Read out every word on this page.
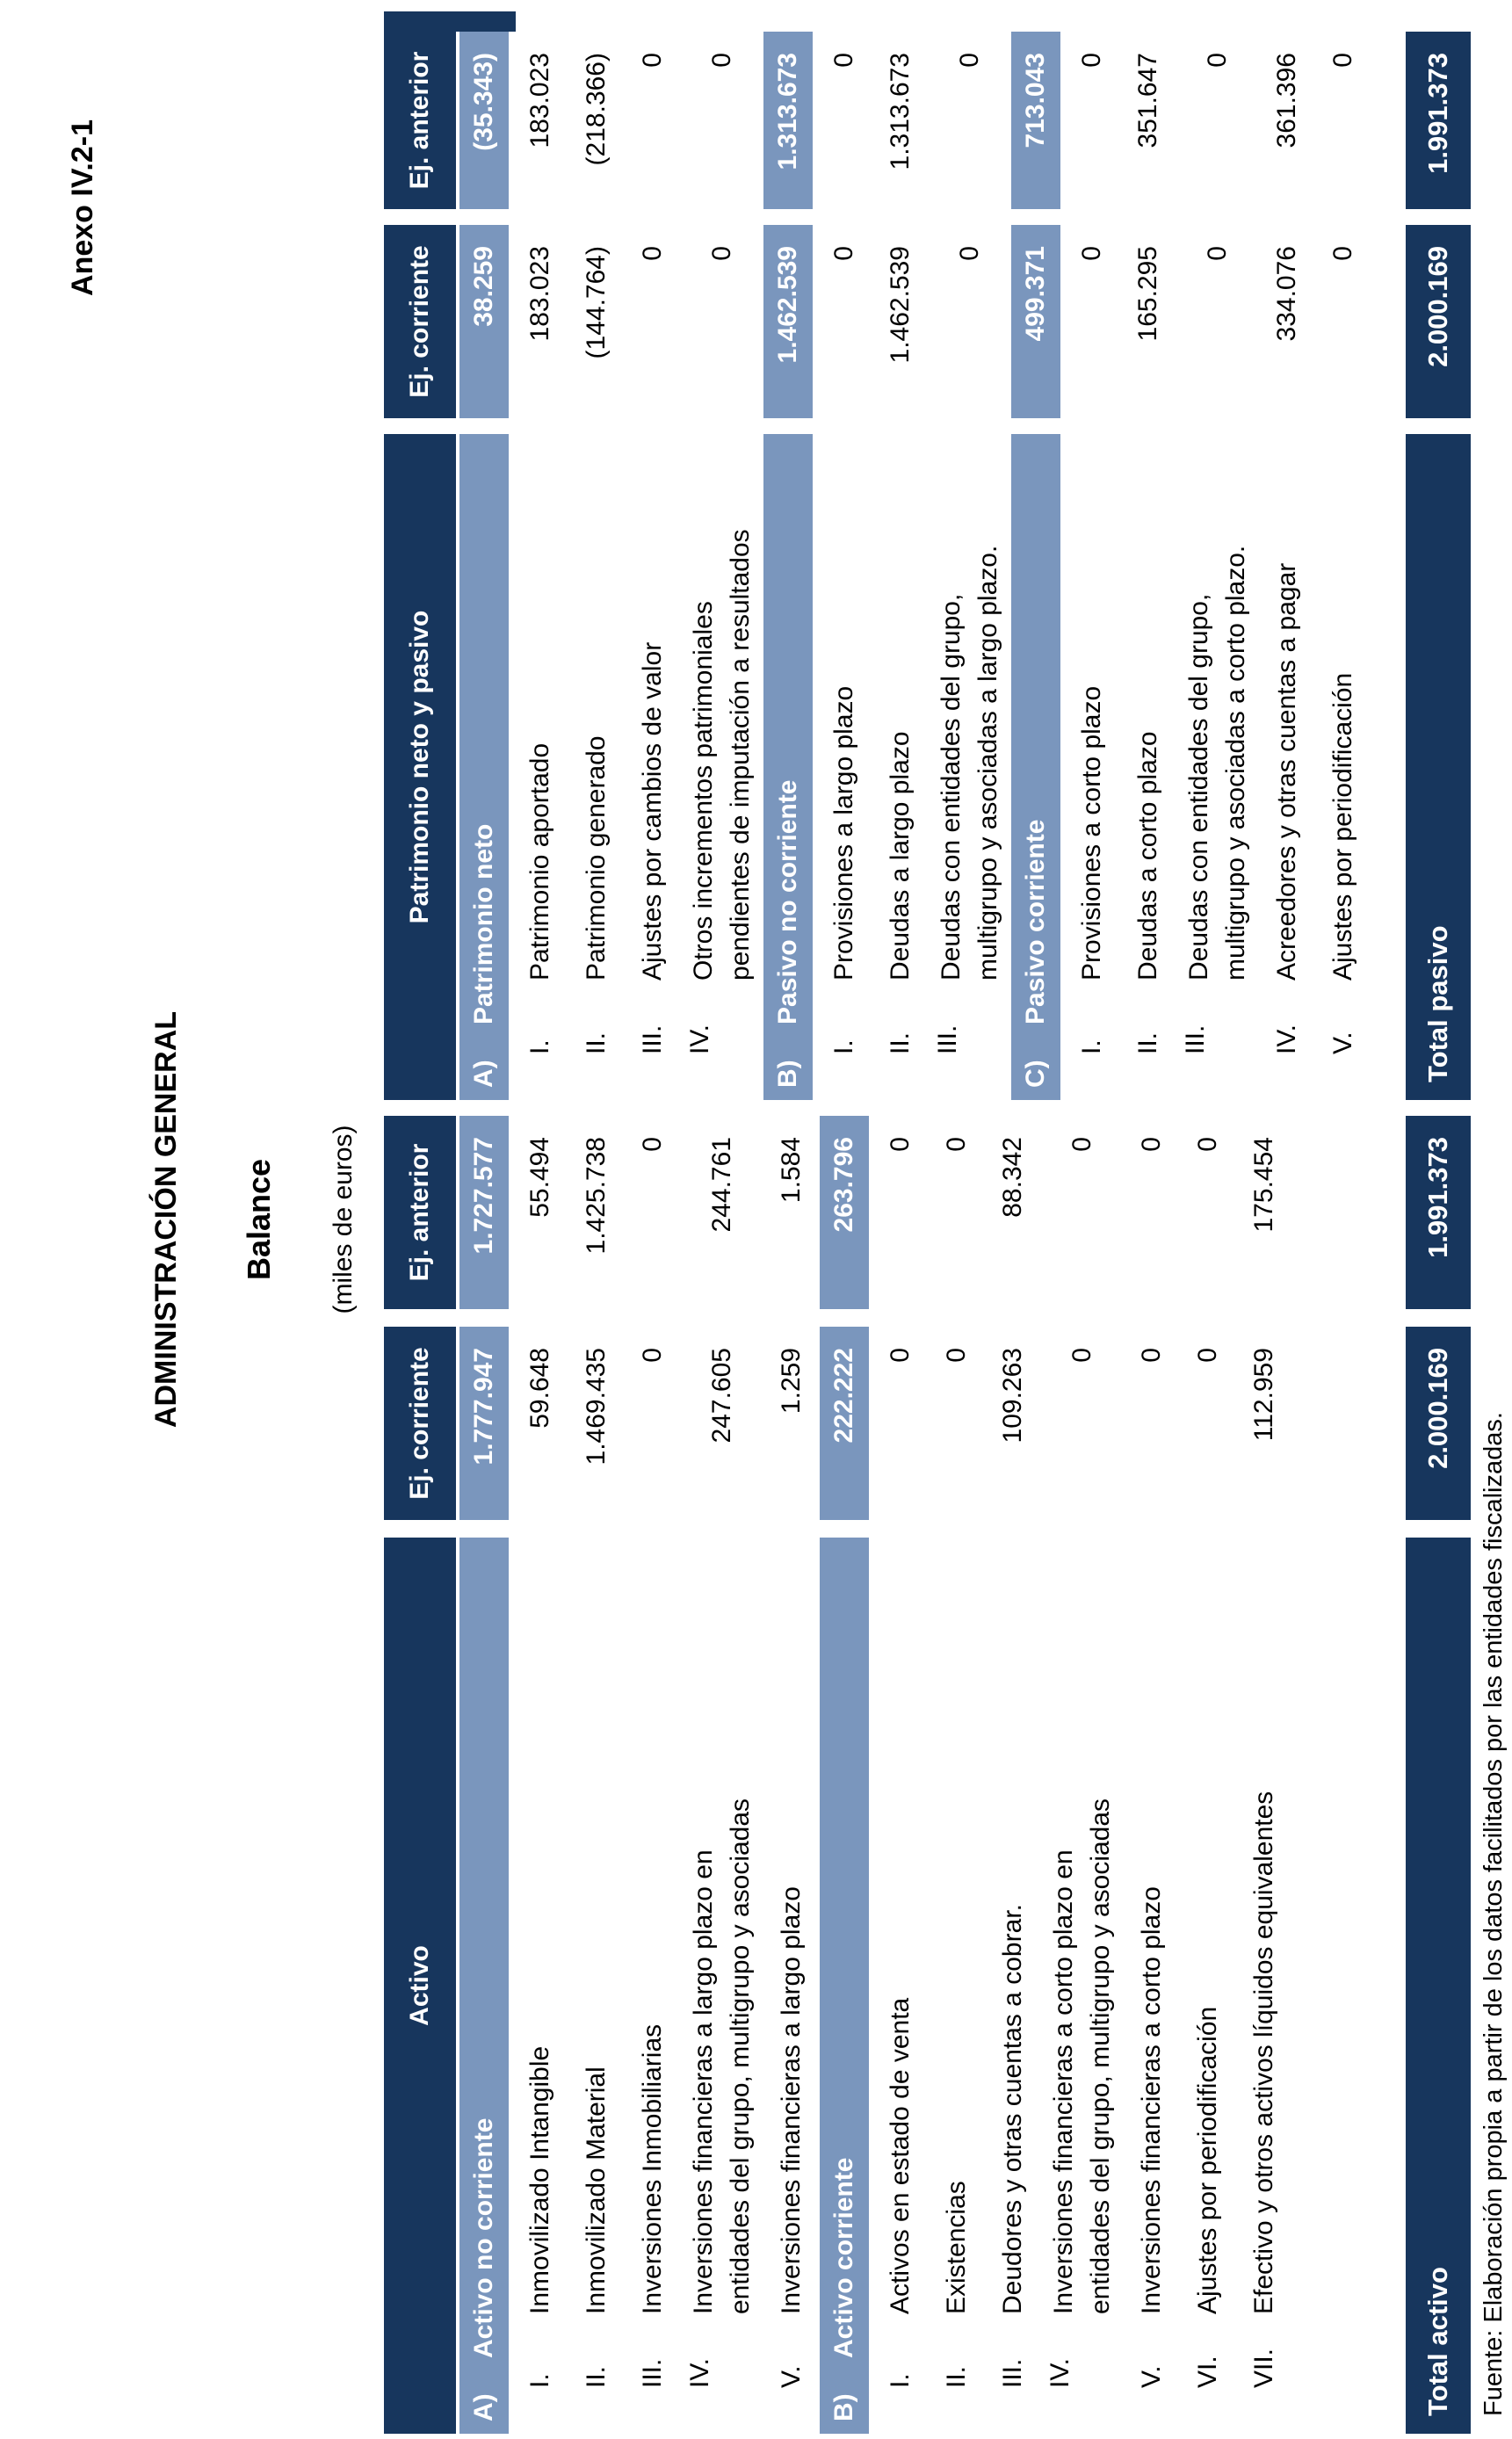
Anexo IV.2-1
ADMINISTRACIÓN GENERAL Balance (miles de euros)
Activo
Ej. corriente
Ej. anterior
A)
Activo no corriente
1.777.947
1.727.577
I.
Inmovilizado Intangible
59.648
55.494
II.
Inmovilizado Material
1.469.435
1.425.738
III.
Inversiones Inmobiliarias
0
0
IV.
Inversiones financieras a largo plazo en entidades del grupo, multigrupo y asociadas
247.605
244.761
V.
Inversiones financieras a largo plazo
1.259
1.584
B)
Activo corriente
222.222
263.796
I.
Activos en estado de venta
0
0
II.
Existencias
0
0
III.
Deudores y otras cuentas a cobrar.
109.263
88.342
IV.
Inversiones financieras a corto plazo en entidades del grupo, multigrupo y asociadas
0
0
V.
Inversiones financieras a corto plazo
0
0
VI.
Ajustes por periodificación
0
0
VII.
Efectivo y otros activos líquidos equivalentes
112.959
175.454
Total activo
2.000.169
1.991.373
Patrimonio neto y pasivo
Ej. corriente
Ej. anterior
A)
Patrimonio neto
38.259
(35.343)
I.
Patrimonio aportado
183.023
183.023
II.
Patrimonio generado
(144.764)
(218.366)
III.
Ajustes por cambios de valor
0
0
IV.
Otros incrementos patrimoniales pendientes de imputación a resultados
0
0
B)
Pasivo no corriente
1.462.539
1.313.673
I.
Provisiones a largo plazo
0
0
II.
Deudas a largo plazo
1.462.539
1.313.673
III.
Deudas con entidades del grupo, multigrupo y asociadas a largo plazo.
0
0
C)
Pasivo corriente
499.371
713.043
I.
Provisiones a corto plazo
0
0
II.
Deudas a corto plazo
165.295
351.647
III.
Deudas con entidades del grupo, multigrupo y asociadas a corto plazo.
0
0
IV.
Acreedores y otras cuentas a pagar
334.076
361.396
V.
Ajustes por periodificación
0
0
Total pasivo
2.000.169
1.991.373
Fuente: Elaboración propia a partir de los datos facilitados por las entidades fiscalizadas.
